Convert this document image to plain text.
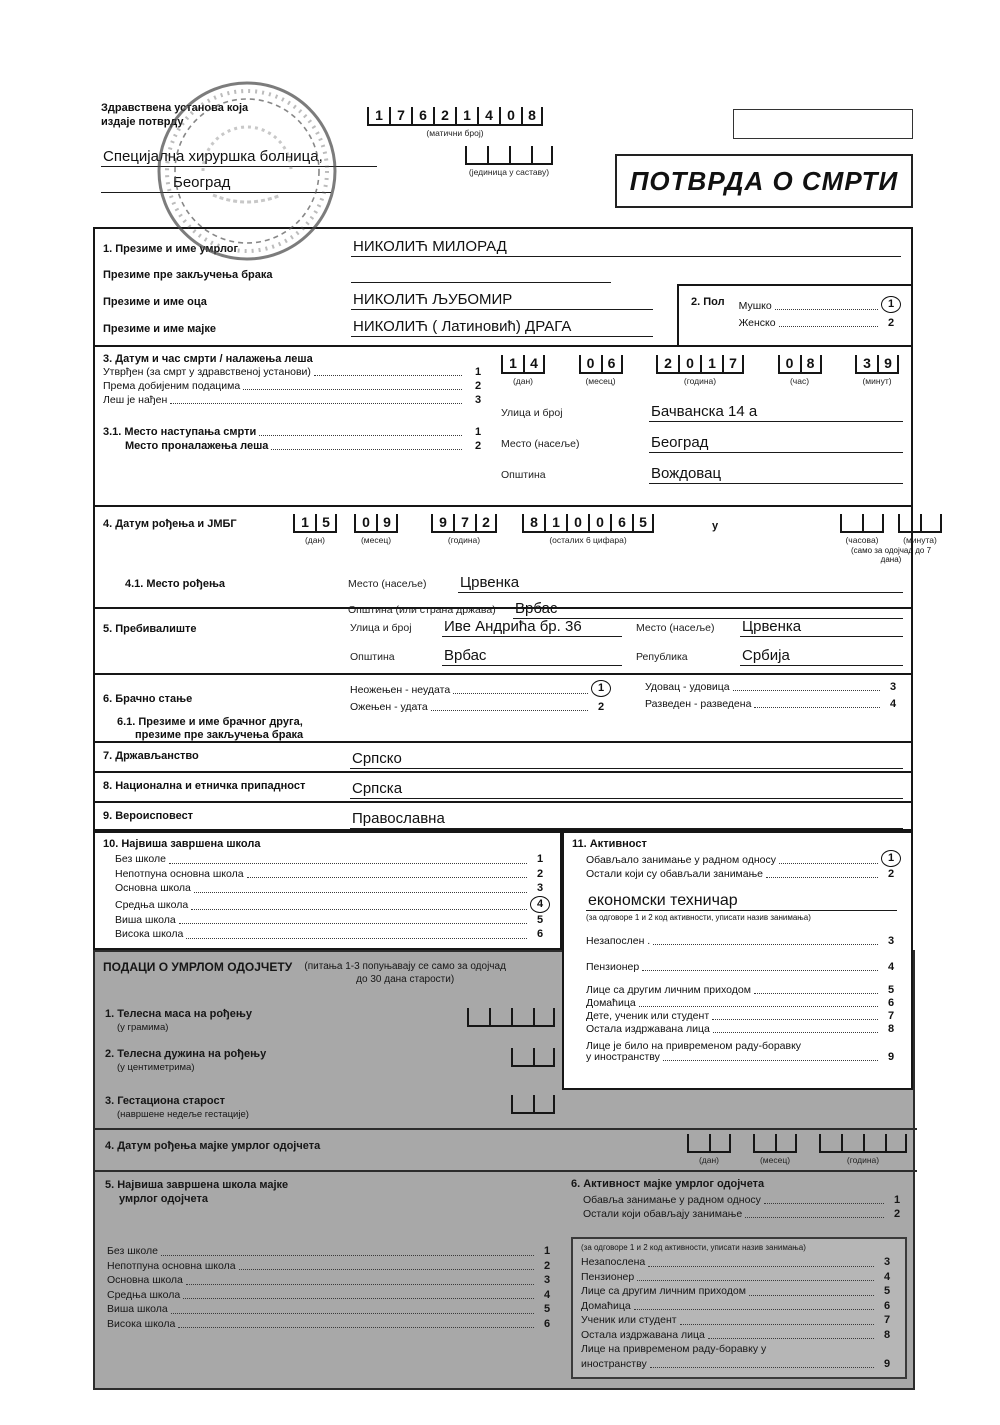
Здравствена установа која издаје потврду
Специјална хируршка болница,
Београд
1	7	6	2	1	4	0 8
(матични број)
(јединица у саставу)	ПОТВРДА О СМРТИ
1. Презиме и име умрлог	НИКОЛИЋ МИЛОРАД
Презиме пре закључења брака
Презиме и име оца	НИКОЛИЋ ЉУБОМИР
Презиме и име мајке	НИКОЛИЋ ( Латиновић) ДРАГА
2. Пол Мушко	1
Женско	2
3. Датум и час смрти / налажења леша
Утврђен (за смрт у здравственој установи)	1
Према добијеним подацима	2
Леш је нађен	3
3.1. Место наступања смрти	1
Место проналажења леша	2
1 4
(дан)
0 6
(месец)
2	0	1 7
(година)
0 8
(час)
3 9
(минут)
Улица и број	Бачванска 14 а
Место (насеље)	Београд
Општина	Вождовац
4. Датум рођења и ЈМБГ	1 5
(дан)
0 9
(месец)
9	7 2
(година)
8	1	0	0	6 5
(осталих 6 цифара)
у
(часова)	(минута)
(само за одојчад до 7 дана)
4.1. Место рођења	Место (насеље)	Црвенка
Општина (или страна држава)	Врбас
5. Пребивалиште	Улица и број	Иве Андрића бр. 36	Место (насеље)	Црвенка
Општина	Врбас	Република	Србија
6. Брачно стање
Неожењен - неудата	1
Ожењен - удата	2
Удовац - удовица	3
Разведен - разведена	4
6.1. Презиме и име брачног друга,
презиме пре закључења брака
7. Држављанство	Српско
8. Национална и етничка припадност	Српска
9. Вероисповест	Православна
10. Највиша завршена школа
Без школе	1
Непотпуна основна школа	2
Основна школа	3
Средња школа	4
Виша школа	5
Висока школа	6
11. Активност
Обављало занимање у радном односу	1
Остали који су обављали занимање	2
економски техничар
(за одговоре 1 и 2 код активности, уписати назив занимања)
Незапослен .	3
Пензионер	4
Лице са другим личним приходом	5
Домаћица	6
Дете, ученик или студент	7
Остала издржавана лица	8
Лице је било на привременом раду-боравку
у иностранству	9
ПОДАЦИ О УМРЛОМ ОДОЈЧЕТУ	(питања 1-3 попуњавају се само за одојчад до 30 дана старости)
1. Телесна маса на рођењу
(у грамима)
2. Телесна дужина на рођењу
(у центиметрима)
3. Гестациона старост
(навршене недеље гестације)
4. Датум рођења мајке умрлог одојчета
(дан)	(месец)	(година)
5. Највиша завршена школа мајке
умрлог одојчета
Без школе	1
Непотпуна основна школа	2
Основна школа	3
Средња школа	4
Виша школа	5
Висока школа	6
6. Активност мајке умрлог одојчета
Обавља занимање у радном односу	1
Остали који обављају занимање	2
(за одговоре 1 и 2 код активности, уписати назив занимања)
Незапослена	3
Пензионер	4
Лице са другим личним приходом	5
Домаћица	6
Ученик или студент	7
Остала издржавана лица	8
Лице на привременом раду-боравку у
иностранству	9
